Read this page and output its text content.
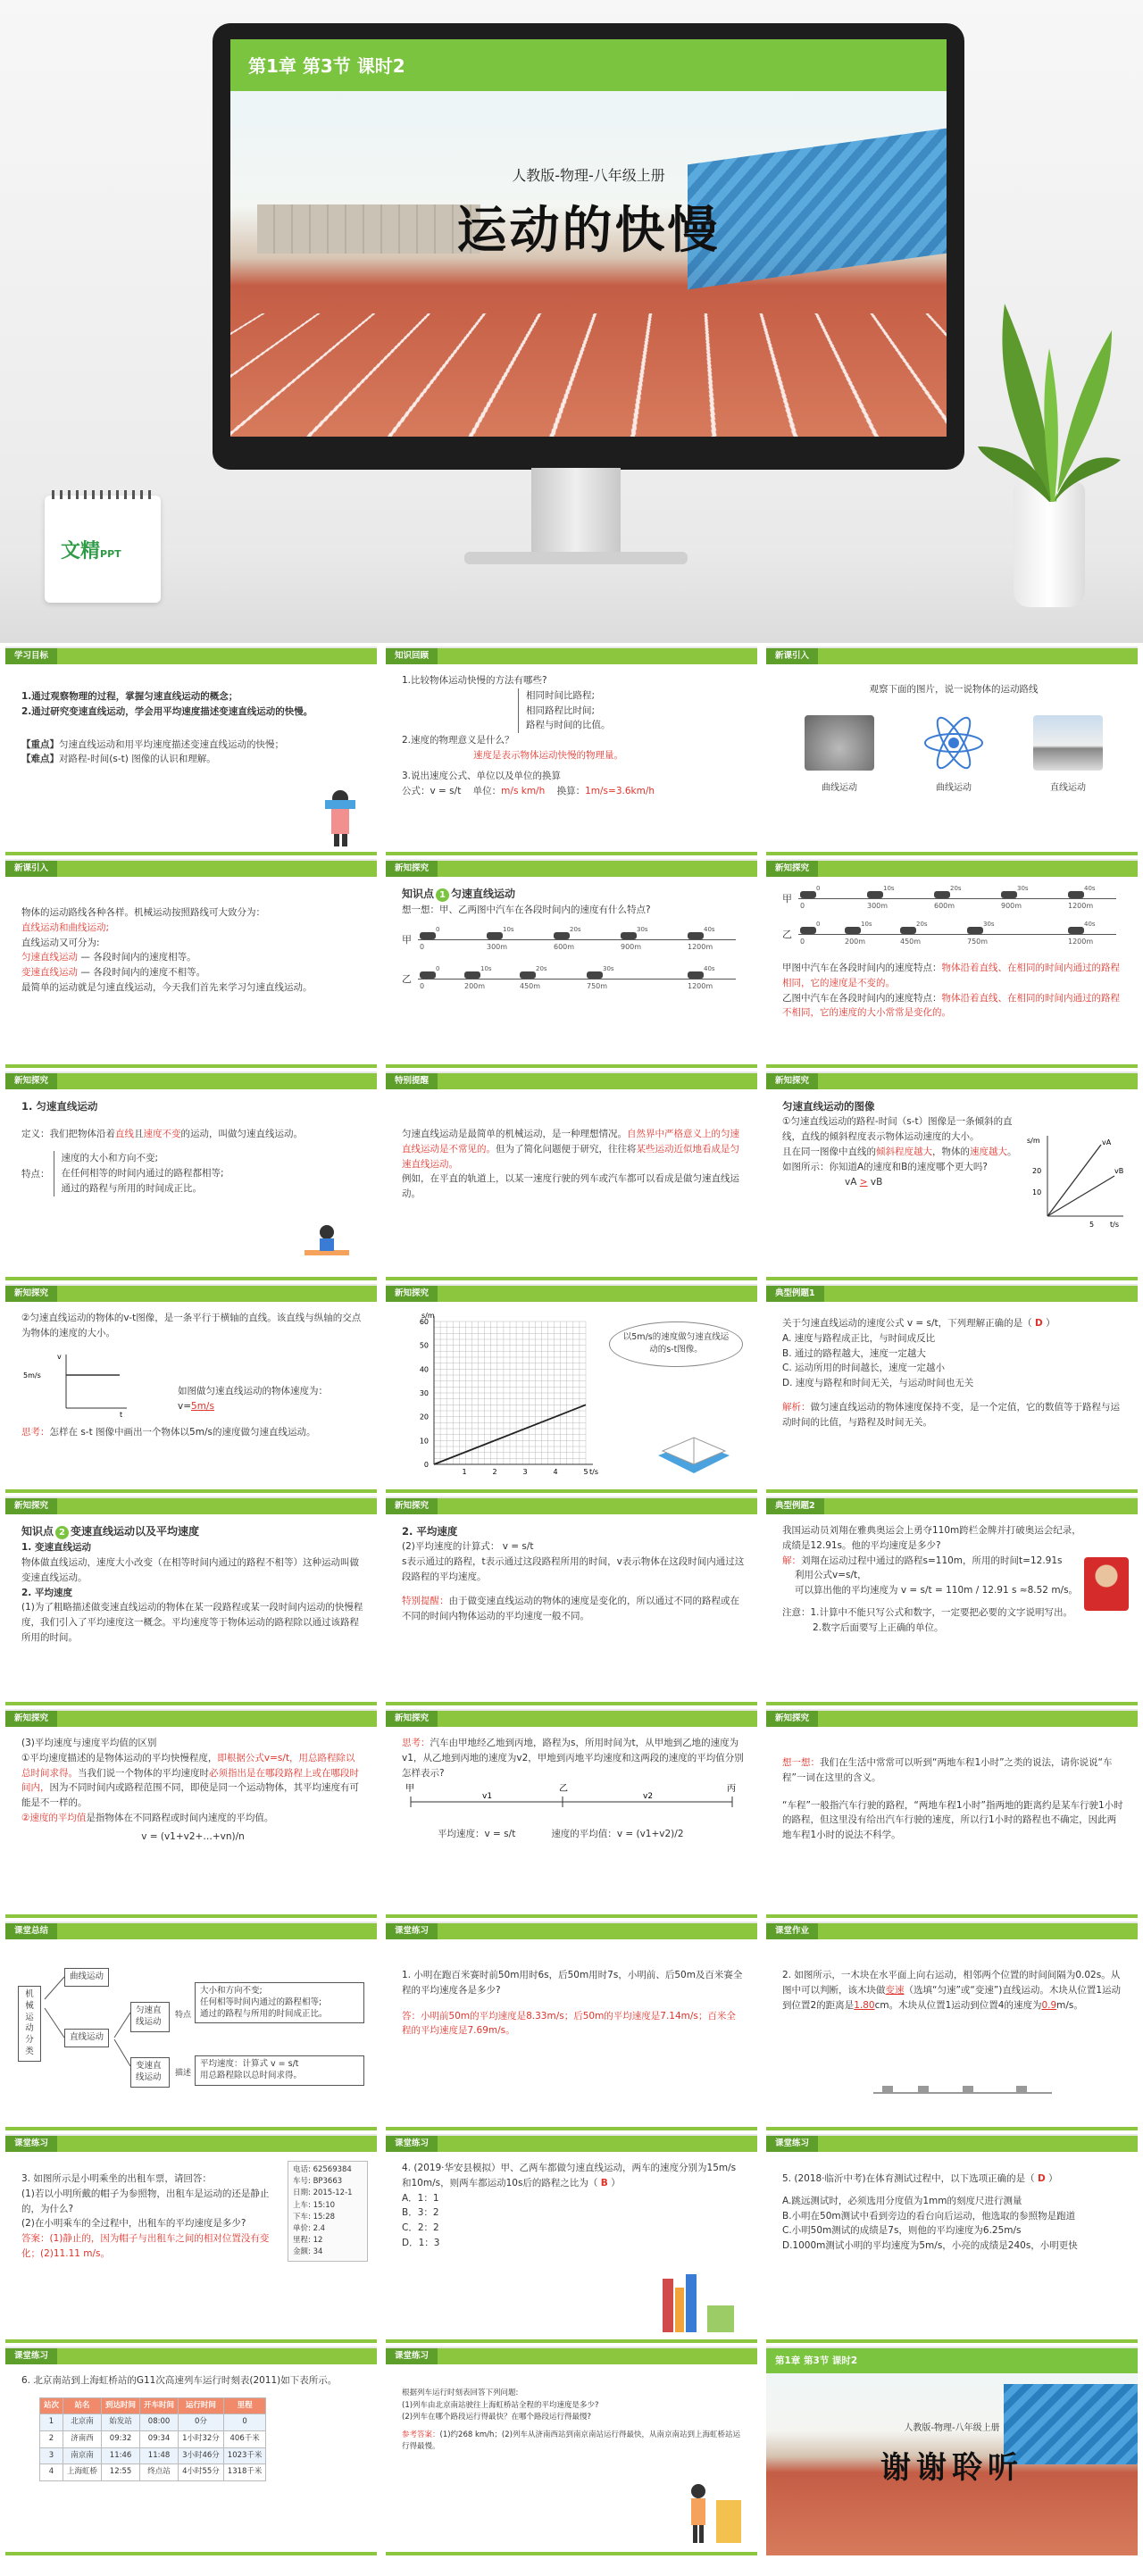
第1章 第3节 课时2
人教版-物理-八年级上册
运动的快慢
文精PPT
学习目标
1.通过观察物理的过程，掌握匀速直线运动的概念；
2.通过研究变速直线运动，学会用平均速度描述变速直线运动的快慢。
【重点】匀速直线运动和用平均速度描述变速直线运动的快慢；
【难点】对路程-时间(s-t) 图像的认识和理解。
知识回顾
1.比较物体运动快慢的方法有哪些?
相同时间比路程;
相同路程比时间;
路程与时间的比值。
2.速度的物理意义是什么？
速度是表示物体运动快慢的物理量。
3.说出速度公式、单位以及单位的换算
公式：v = s/t 单位：m/s km/h 换算：1m/s=3.6km/h
新课引入
观察下面的图片，说一说物体的运动路线
曲线运动	曲线运动	直线运动
新课引入
物体的运动路线各种各样。机械运动按照路线可大致分为：
直线运动和曲线运动;
直线运动又可分为:
匀速直线运动 — 各段时间内的速度相等。
变速直线运动 — 各段时间内的速度不相等。
最简单的运动就是匀速直线运动，今天我们首先来学习匀速直线运动。
新知探究
知识点 1 匀速直线运动
想一想：甲、乙两图中汽车在各段时间内的速度有什么特点?
甲
0	300m	600m	900m	1200m
0	10s	20s	30s	40s
乙
0	200m	450m	750m	1200m
0	10s	20s	30s	40s
新知探究
甲
0	300m	600m	900m	1200m
0	10s	20s	30s	40s
乙
0	200m	450m	750m	1200m
0	10s	20s	30s	40s
甲图中汽车在各段时间内的速度特点：物体沿着直线、在相同的时间内通过的路程相同，它的速度是不变的。
乙图中汽车在各段时间内的速度特点：物体沿着直线、在相同的时间内通过的路程不相同，它的速度的大小常常是变化的。
新知探究
1. 匀速直线运动
定义：我们把物体沿着直线且速度不变的运动，叫做匀速直线运动。
特点：
速度的大小和方向不变;
在任何相等的时间内通过的路程都相等;
通过的路程与所用的时间成正比。
特别提醒
匀速直线运动是最简单的机械运动，是一种理想情况。自然界中严格意义上的匀速直线运动是不常见的。但为了简化问题便于研究，往往将某些运动近似地看成是匀速直线运动。
例如，在平直的轨道上，以某一速度行驶的列车或汽车都可以看成是做匀速直线运动。
新知探究
匀速直线运动的图像
①匀速直线运动的路程-时间（s-t）图像是一条倾斜的直线，直线的倾斜程度表示物体运动速度的大小。
且在同一图像中直线的倾斜程度越大，物体的速度越大。
如图所示：你知道A的速度和B的速度哪个更大吗?
vA > vB
s/m
t/s
20
10
5
vA
vB
新知探究
②匀速直线运动的物体的v-t图像，是一条平行于横轴的直线。该直线与纵轴的交点为物体的速度的大小。
v
t
5m/s
如图做匀速直线运动的物体速度为： v=5m/s
思考：怎样在 s-t 图像中画出一个物体以5m/s的速度做匀速直线运动。
新知探究
60
50
40
30
20
10
0
1	2	3	4	5
s/m
t/s
以5m/s的速度做匀速直线运动的s-t图像。
典型例题1
关于匀速直线运动的速度公式 v = s/t，下列理解正确的是（ D ）
A. 速度与路程成正比，与时间成反比
B. 通过的路程越大，速度一定越大
C. 运动所用的时间越长，速度一定越小
D. 速度与路程和时间无关，与运动时间也无关
解析：做匀速直线运动的物体速度保持不变，是一个定值，它的数值等于路程与运动时间的比值，与路程及时间无关。
新知探究
知识点 2 变速直线运动以及平均速度
1. 变速直线运动
物体做直线运动，速度大小改变（在相等时间内通过的路程不相等）这种运动叫做变速直线运动。
2. 平均速度
(1)为了粗略描述做变速直线运动的物体在某一段路程或某一段时间内运动的快慢程度，我们引入了平均速度这一概念。平均速度等于物体运动的路程除以通过该路程所用的时间。
新知探究
2. 平均速度
(2)平均速度的计算式： v = s/t
s表示通过的路程，t表示通过这段路程所用的时间，v表示物体在这段时间内通过这段路程的平均速度。
特别提醒：由于做变速直线运动的物体的速度是变化的，所以通过不同的路程或在不同的时间内物体运动的平均速度一般不同。
典型例题2
我国运动员刘翔在雅典奥运会上勇夺110m跨栏金牌并打破奥运会纪录，成绩是12.91s。他的平均速度是多少?
解：刘翔在运动过程中通过的路程s=110m，所用的时间t=12.91s
利用公式v=s/t，
可以算出他的平均速度为 v = s/t = 110m / 12.91 s ≈8.52 m/s。
注意：1.计算中不能只写公式和数字，一定要把必要的文字说明写出。
2.数字后面要写上正确的单位。
新知探究
(3)平均速度与速度平均值的区别
①平均速度描述的是物体运动的平均快慢程度，即根据公式v=s/t，用总路程除以总时间求得。当我们说一个物体的平均速度时必须指出是在哪段路程上或在哪段时间内，因为不同时间内或路程范围不同，即使是同一个运动物体，其平均速度有可能是不一样的。
②速度的平均值是指物体在不同路程或时间内速度的平均值。
v = (v1+v2+…+vn)/n
新知探究
思考：汽车由甲地经乙地到丙地，路程为s，所用时间为t，从甲地到乙地的速度为v1，从乙地到丙地的速度为v2，甲地到丙地平均速度和这两段的速度的平均值分别怎样表示?
甲	乙	丙
v1	v2
平均速度：v = s/t	速度的平均值：v = (v1+v2)/2
新知探究
想一想：我们在生活中常常可以听到“两地车程1小时”之类的说法，请你说说“车程”一词在这里的含义。
“车程”一般指汽车行驶的路程，“两地车程1小时”指两地的距离约是某车行驶1小时的路程，但这里没有给出汽车行驶的速度，所以行1小时的路程也不确定，因此两地车程1小时的说法不科学。
课堂总结
机械运动分类
曲线运动
直线运动
匀速直线运动
变速直线运动
特点
大小和方向不变;
任何相等时间内通过的路程相等;
通过的路程与所用的时间成正比。
描述
平均速度：计算式 v = s/t
用总路程除以总时间求得。
课堂练习
1. 小明在跑百米赛时前50m用时6s，后50m用时7s，小明前、后50m及百米赛全程的平均速度各是多少?
答：小明前50m的平均速度是8.33m/s；后50m的平均速度是7.14m/s；百米全程的平均速度是7.69m/s。
课堂作业
2. 如图所示，一木块在水平面上向右运动，相邻两个位置的时间间隔为0.02s。从图中可以判断，该木块做变速（选填“匀速”或“变速”)直线运动。木块从位置1运动到位置2的距离是1.80cm。木块从位置1运动到位置4的速度为0.9m/s。
课堂练习
3. 如图所示是小明乘坐的出租车票，请回答：
(1)若以小明所戴的帽子为参照物，出租车是运动的还是静止的，为什么?
(2)在小明乘车的全过程中，出租车的平均速度是多少?
答案：(1)静止的，因为帽子与出租车之间的相对位置没有变化；(2)11.11 m/s。
电话: 62569384
车号: BP3663
日期: 2015-12-1
上车: 15:10
下车: 15:28
单价: 2.4
里程: 12
金额: 34
课堂练习
4. (2019·华安县模拟）甲、乙两车都做匀速直线运动，两车的速度分别为15m/s和10m/s，则两车都运动10s后的路程之比为（ B ）
A．1：1
B．3：2
C．2：2
D．1：3
课堂练习
5. (2018·临沂中考)在体育测试过程中，以下选项正确的是（ D ）
A.跳远测试时，必须选用分度值为1mm的刻度尺进行测量
B.小明在50m测试中看到旁边的看台向后运动，他选取的参照物是跑道
C.小明50m测试的成绩是7s，则他的平均速度为6.25m/s
D.1000m测试小明的平均速度为5m/s，小亮的成绩是240s，小明更快
课堂练习
6. 北京南站到上海虹桥站的G11次高速列车运行时刻表(2011)如下表所示。
站次	站名	到达时间	开车时间	运行时间	里程
1	北京南	始发站	08:00	0分	0
2	济南西	09:32	09:34	1小时32分	406千米
3	南京南	11:46	11:48	3小时46分	1023千米
4	上海虹桥	12:55	终点站	4小时55分	1318千米
课堂练习
根据列车运行时刻表回答下列问题:
(1)列车由北京南站驶往上海虹桥站全程的平均速度是多少?
(2)列车在哪个路段运行得最快？在哪个路段运行得最慢?
参考答案：(1)约268 km/h；(2)列车从济南西站到南京南站运行得最快，从南京南站到上海虹桥站运行得最慢。
第1章 第3节 课时2
人教版-物理-八年级上册
谢谢聆听
